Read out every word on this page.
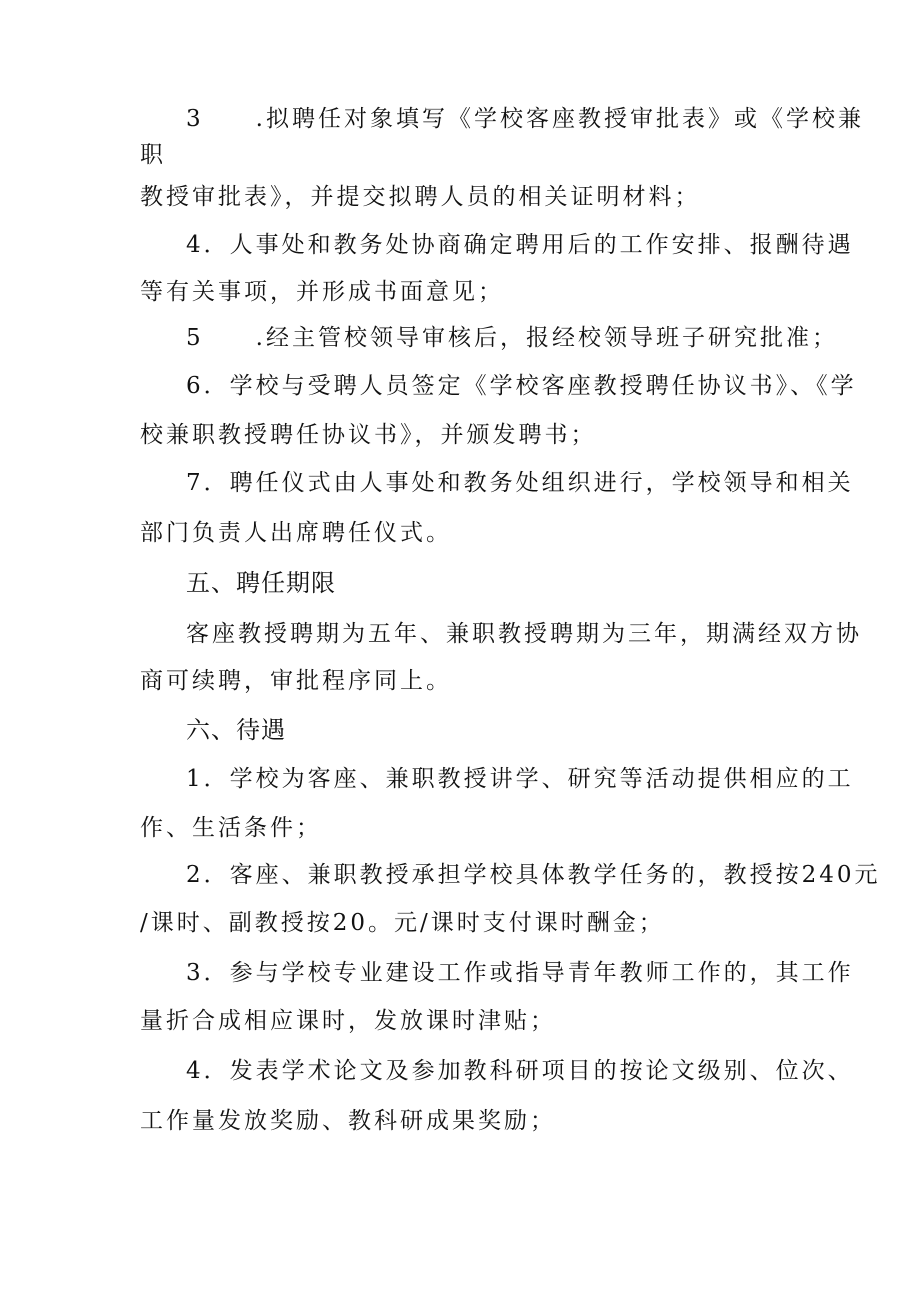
3　　.拟聘任对象填写《学校客座教授审批表》或《学校兼
职
教授审批表》，并提交拟聘人员的相关证明材料；
4．人事处和教务处协商确定聘用后的工作安排、报酬待遇
等有关事项，并形成书面意见；
5　　.经主管校领导审核后，报经校领导班子研究批准；
6．学校与受聘人员签定《学校客座教授聘任协议书》、《学
校兼职教授聘任协议书》，并颁发聘书；
7．聘任仪式由人事处和教务处组织进行，学校领导和相关
部门负责人出席聘任仪式。
五、聘任期限
客座教授聘期为五年、兼职教授聘期为三年，期满经双方协
商可续聘，审批程序同上。
六、待遇
1．学校为客座、兼职教授讲学、研究等活动提供相应的工
作、生活条件；
2．客座、兼职教授承担学校具体教学任务的，教授按240元
/课时、副教授按20。元/课时支付课时酬金；
3．参与学校专业建设工作或指导青年教师工作的，其工作
量折合成相应课时，发放课时津贴；
4．发表学术论文及参加教科研项目的按论文级别、位次、
工作量发放奖励、教科研成果奖励；
